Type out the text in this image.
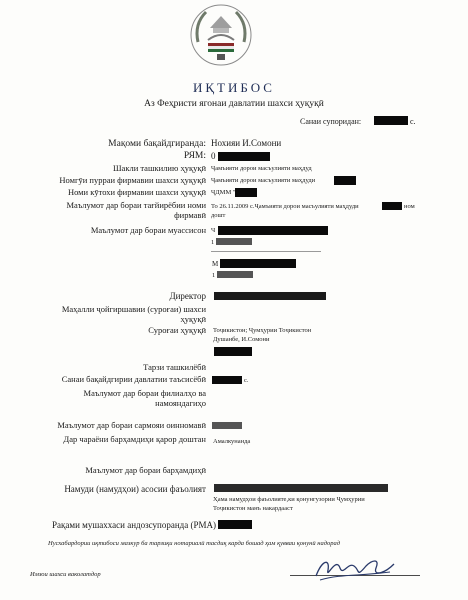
ИҚТИБОС
Аз Феҳристи ягонаи давлатии шахси ҳуқуқӣ
Санаи супоридан:	с.
Мақоми бақайдгиранда: Нохияи И.Сомони
РЯМ: 0
Шакли ташкилию ҳуқуқӣ Ҷамъияти дорои масъулияти маҳдуд
Номгӯи пурраи фирмавии шахси ҳуқуқӣ Ҷамъияти дорои масъулияти маҳдуди
Номи кӯтохи фирмавии шахси ҳуқуқӣ ҶДММ "
Маълумот дар бораи тағйирёбии номи фирмавӣ
То 26.11.2009 с.Ҷамъияти дорои масъулияти маҳдуди	ном
дошт
Маълумот дар бораи муассисон Ч
1
М
1
Директор
Маҳалли ҷойгиршавии (суроғаи) шахси ҳуқуқӣ
Суроғаи ҳуқуқӣ Тоҷикистон; Ҷумҳурии Тоҷикистон
Душанбе, И.Сомони
Тарзи ташкилёбӣ
Санаи бақайдгирии давлатии таъсисёбӣ	с.
Маълумот дар бораи филиалҳо ва намояндагиҳо
Маълумот дар бораи сармояи оинномавӣ
Дар чараёни барҳамдиҳи қарор доштан Амалкунанда
Маълумот дар бораи барҳамдиҳӣ
Намуди (намудҳои) асосии фаъолият
Ҳама намудҳои фаъолияте,ки қонунгузории Ҷумҳурии
Тоҷикистон манъ накардааст
Рақами мушаххаси андозсупоранда (РМА)
Нусхабардории иқтибоси мазкур ба тарзиқи нотариалӣ тасдиқ карда бошад ҳам қувваи қонунӣ надорад
Имзои шахси ваколатдор
